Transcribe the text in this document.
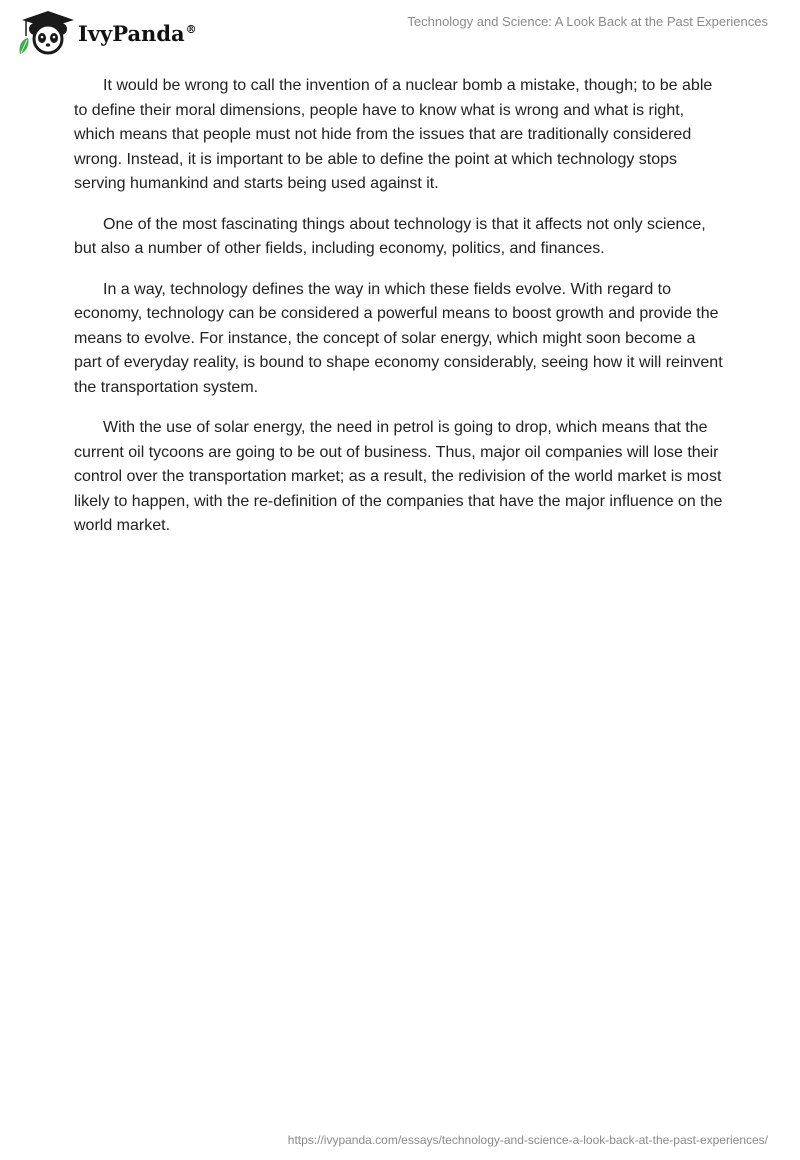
IvyPanda®
Technology and Science: A Look Back at the Past Experiences

It would be wrong to call the invention of a nuclear bomb a mistake, though; to be able to define their moral dimensions, people have to know what is wrong and what is right, which means that people must not hide from the issues that are traditionally considered wrong. Instead, it is important to be able to define the point at which technology stops serving humankind and starts being used against it.

One of the most fascinating things about technology is that it affects not only science, but also a number of other fields, including economy, politics, and finances.

In a way, technology defines the way in which these fields evolve. With regard to economy, technology can be considered a powerful means to boost growth and provide the means to evolve. For instance, the concept of solar energy, which might soon become a part of everyday reality, is bound to shape economy considerably, seeing how it will reinvent the transportation system.

With the use of solar energy, the need in petrol is going to drop, which means that the current oil tycoons are going to be out of business. Thus, major oil companies will lose their control over the transportation market; as a result, the redivision of the world market is most likely to happen, with the re-definition of the companies that have the major influence on the world market.

https://ivypanda.com/essays/technology-and-science-a-look-back-at-the-past-experiences/
